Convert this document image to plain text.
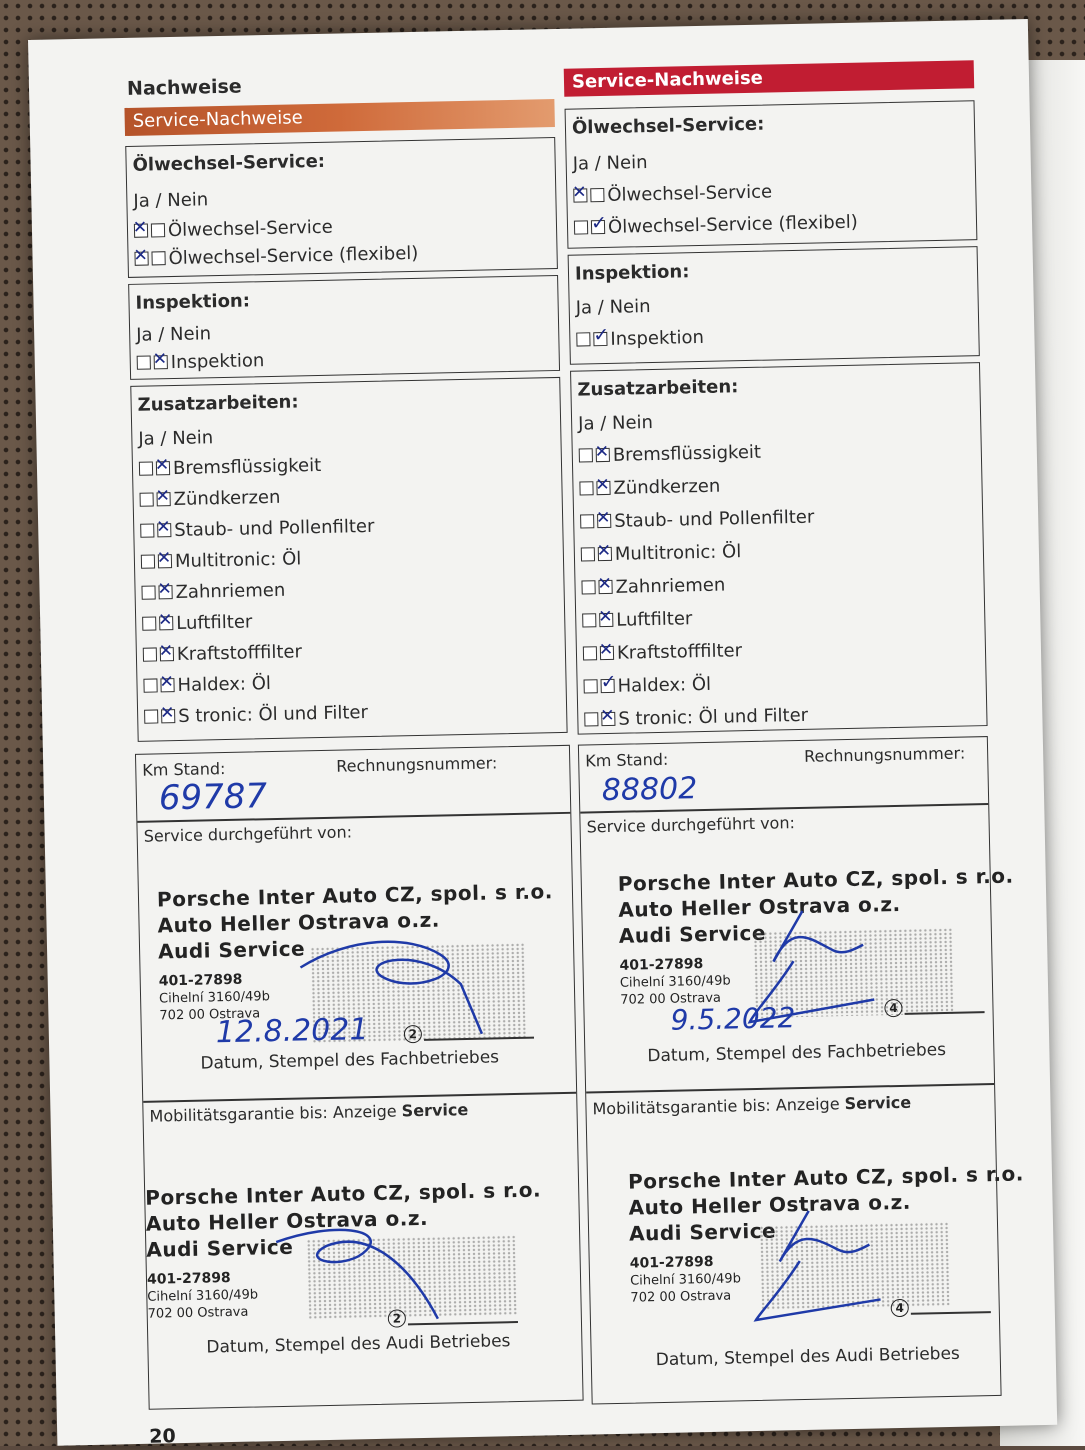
Nachweise
Service-Nachweise
Ölwechsel-Service:
Ja / Nein
✕Ölwechsel-Service
✕Ölwechsel-Service (flexibel)
Inspektion:
Ja / Nein
✕Inspektion
Zusatzarbeiten:
Ja / Nein
✕Bremsflüssigkeit
✕Zündkerzen
✕Staub- und Pollenfilter
✕Multitronic: Öl
✕Zahnriemen
✕Luftfilter
✕Kraftstofffilter
✕Haldex: Öl
✕S tronic: Öl und Filter
Km Stand:	Rechnungsnummer:
69787
Service durchgeführt von:
Porsche Inter Auto CZ, spol. s r.o.
Auto Heller Ostrava o.z.
Audi Service
401-27898
Cihelní 3160/49b
702 00 Ostrava
12.8.2021	2
Datum, Stempel des Fachbetriebes
Mobilitätsgarantie bis: Anzeige Service
Porsche Inter Auto CZ, spol. s r.o.
Auto Heller Ostrava o.z.
Audi Service
401-27898
Cihelní 3160/49b
702 00 Ostrava	2
Datum, Stempel des Audi Betriebes
Service-Nachweise
Ölwechsel-Service:
Ja / Nein
✕Ölwechsel-Service
✓Ölwechsel-Service (flexibel)
Inspektion:
Ja / Nein
✓Inspektion
Zusatzarbeiten:
Ja / Nein
✕Bremsflüssigkeit
✕Zündkerzen
✕Staub- und Pollenfilter
✕Multitronic: Öl
✕Zahnriemen
✕Luftfilter
✕Kraftstofffilter
✓Haldex: Öl
✕S tronic: Öl und Filter
Km Stand:	Rechnungsnummer:
88802
Service durchgeführt von:
Porsche Inter Auto CZ, spol. s r.o.
Auto Heller Ostrava o.z.
Audi Service
401-27898
Cihelní 3160/49b
702 00 Ostrava
9.5.2022	4
Datum, Stempel des Fachbetriebes
Mobilitätsgarantie bis: Anzeige Service
Porsche Inter Auto CZ, spol. s r.o.
Auto Heller Ostrava o.z.
Audi Service
401-27898
Cihelní 3160/49b
702 00 Ostrava
4
Datum, Stempel des Audi Betriebes
20
